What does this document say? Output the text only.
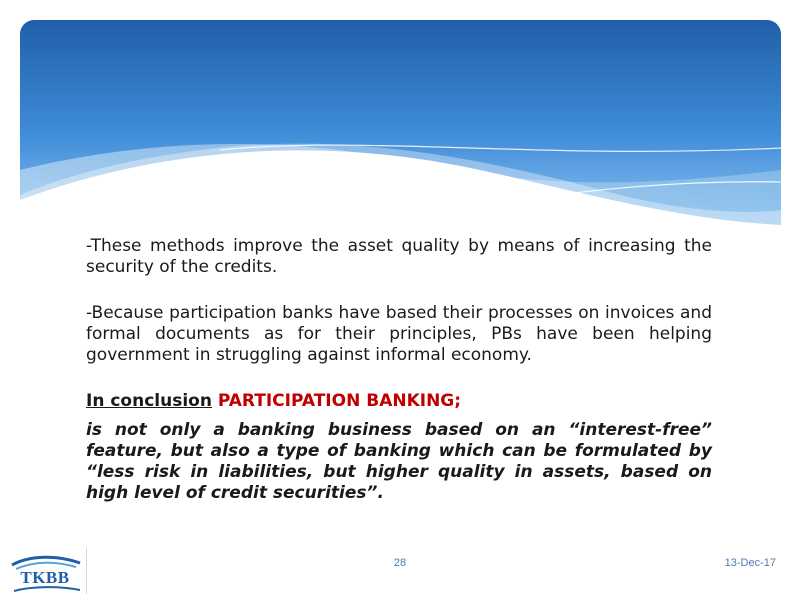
-These methods improve the asset quality by means of increasing the security of the credits.

-Because participation banks have based their processes on invoices and formal documents as for their principles, PBs have been helping government in struggling against informal economy.

In conclusion PARTICIPATION BANKING;
is not only a banking business based on an “interest-free” feature, but also a type of banking which can be formulated by “less risk in liabilities, but higher quality in assets, based on high level of credit securities”.
TKBB
28	13-Dec-17
